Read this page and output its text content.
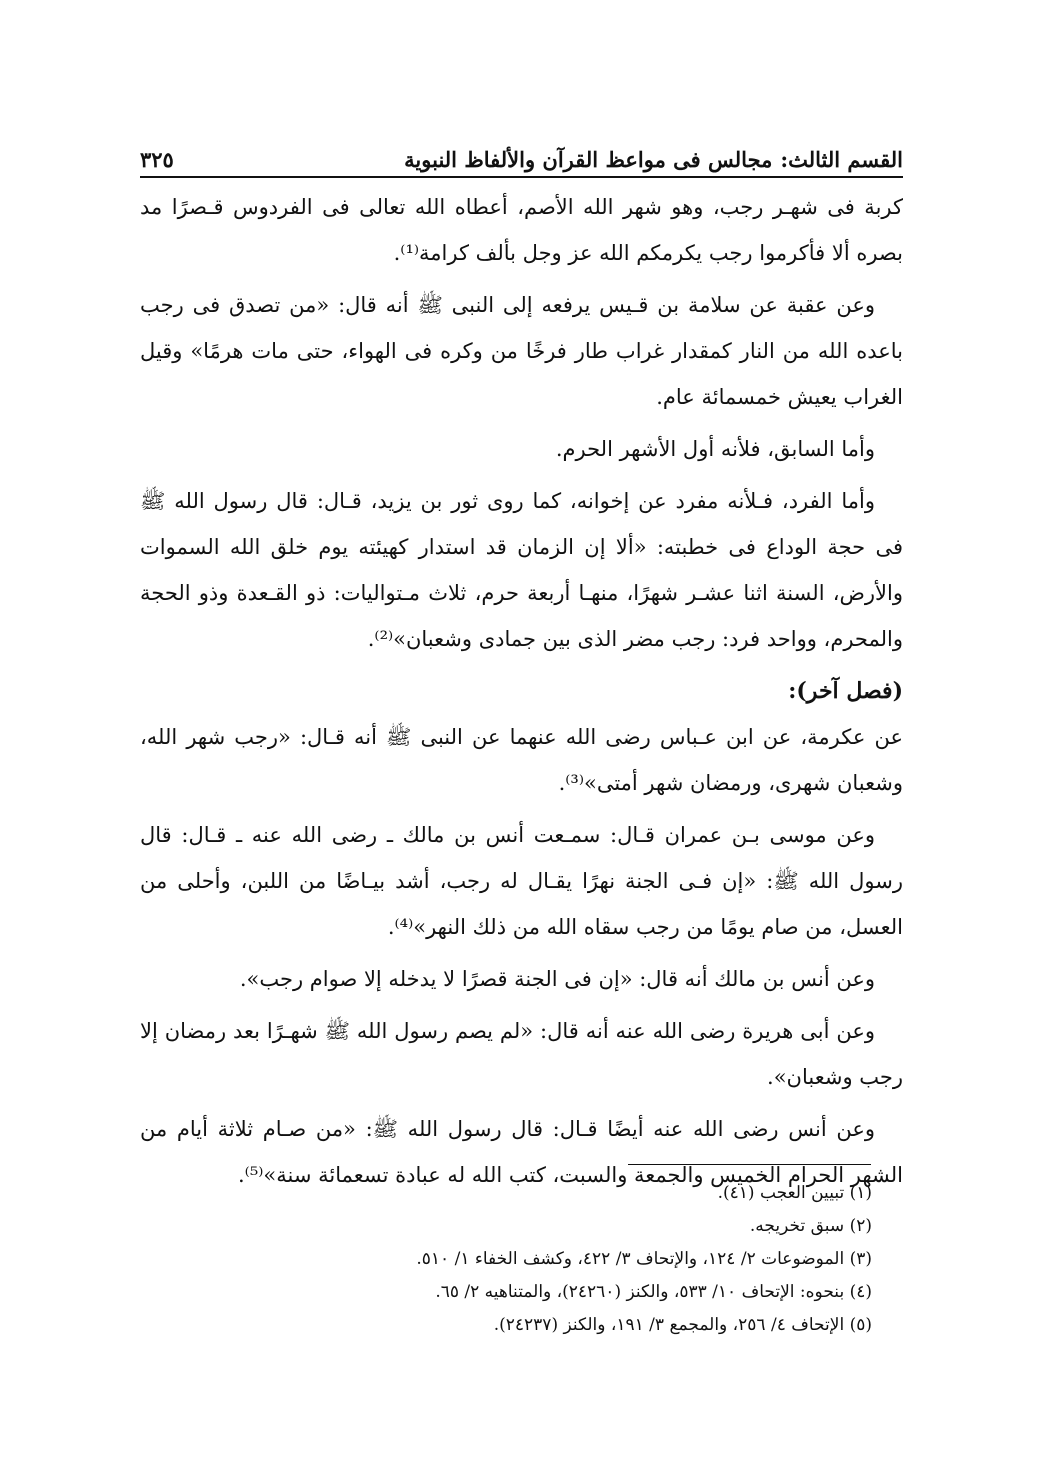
القسم الثالث:
مجالس فى مواعظ القرآن والألفاظ النبوية
٣٢٥

كربة فى شهـر رجب، وهو شهر الله الأصم، أعطاه الله تعالى فى الفردوس قـصرًا مد بصره ألا فأكرموا رجب يكرمكم الله عز وجل بألف كرامة⁽¹⁾.

وعن عقبة عن سلامة بن قـيس يرفعه إلى النبى ﷺ أنه قال: «من تصدق فى رجب باعده الله من النار كمقدار غراب طار فرخًا من وكره فى الهواء، حتى مات هرمًا» وقيل الغراب يعيش خمسمائة عام.

وأما السابق، فلأنه أول الأشهر الحرم.

وأما الفرد، فـلأنه مفرد عن إخوانه، كما روى ثور بن يزيد، قـال: قال رسول الله ﷺ فى حجة الوداع فى خطبته: «ألا إن الزمان قد استدار كهيئته يوم خلق الله السموات والأرض، السنة اثنا عشـر شهرًا، منهـا أربعة حرم، ثلاث مـتواليات: ذو القـعدة وذو الحجة والمحرم، وواحد فرد: رجب مضر الذى بين جمادى وشعبان»⁽²⁾.

(فصل آخر):

عن عكرمة، عن ابن عـباس رضى الله عنهما عن النبى ﷺ أنه قـال: «رجب شهر الله، وشعبان شهرى، ورمضان شهر أمتى»⁽³⁾.

وعن موسى بـن عمران قـال: سمـعت أنس بن مالك ـ رضى الله عنه ـ قـال: قال رسول الله ﷺ: «إن فـى الجنة نهرًا يقـال له رجب، أشد بيـاضًا من اللبن، وأحلى من العسل، من صام يومًا من رجب سقاه الله من ذلك النهر»⁽⁴⁾.

وعن أنس بن مالك أنه قال: «إن فى الجنة قصرًا لا يدخله إلا صوام رجب».

وعن أبى هريرة رضى الله عنه أنه قال: «لم يصم رسول الله ﷺ شهـرًا بعد رمضان إلا رجب وشعبان».

وعن أنس رضى الله عنه أيضًا قـال: قال رسول الله ﷺ: «من صـام ثلاثة أيام من الشهر الحرام الخميس والجمعة والسبت، كتب الله له عبادة تسعمائة سنة»⁽⁵⁾.

(١) تبيين العجب (٤١).

(٢) سبق تخريجه.

(٣) الموضوعات ٢/ ١٢٤، والإتحاف ٣/ ٤٢٢، وكشف الخفاء ١/ ٥١٠.

(٤) بنحوه: الإتحاف ١٠/ ٥٣٣، والكنز (٢٤٢٦٠)، والمتناهيه ٢/ ٦٥.

(٥) الإتحاف ٤/ ٢٥٦، والمجمع ٣/ ١٩١، والكنز (٢٤٢٣٧).
